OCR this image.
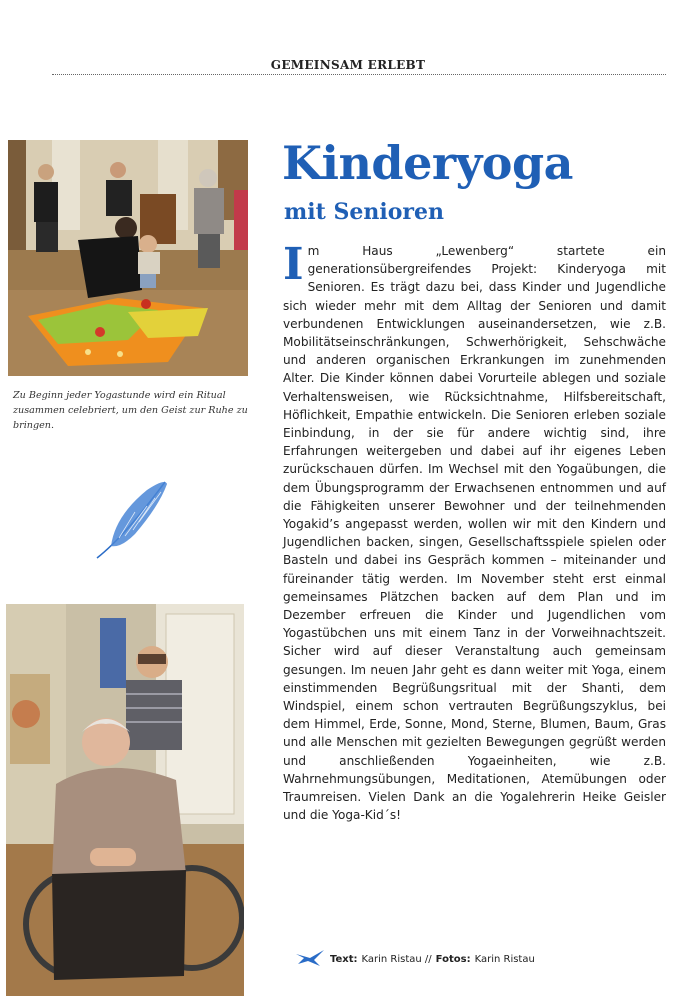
GEMEINSAM ERLEBT
Zu Beginn jeder Yogastunde wird ein Ritual zusammen celebriert, um den Geist zur Ruhe zu bringen.
Kinderyoga
mit Senioren
Im Haus „Lewenberg“ startete ein generationsübergreifendes Projekt: Kinderyoga mit Senioren. Es trägt dazu bei, dass Kinder und Jugendliche sich wieder mehr mit dem Alltag der Senioren und damit verbundenen Entwicklungen auseinandersetzen, wie z.B. Mobilitätseinschränkungen, Schwerhörigkeit, Sehschwäche und anderen organischen Erkrankungen im zunehmenden Alter. Die Kinder können dabei Vorurteile ablegen und soziale Verhaltensweisen, wie Rücksichtnahme, Hilfsbereitschaft, Höflichkeit, Empathie entwickeln. Die Senioren erleben soziale Einbindung, in der sie für andere wichtig sind, ihre Erfahrungen weitergeben und dabei auf ihr eigenes Leben zurückschauen dürfen. Im Wechsel mit den Yogaübungen, die dem Übungsprogramm der Erwachsenen entnommen und auf die Fähigkeiten unserer Bewohner und der teilnehmenden Yogakid’s angepasst werden, wollen wir mit den Kindern und Jugendlichen backen, singen, Gesellschaftsspiele spielen oder Basteln und dabei ins Gespräch kommen – miteinander und füreinander tätig werden. Im November steht erst einmal gemeinsames Plätzchen backen auf dem Plan und im Dezember erfreuen die Kinder und Jugendlichen vom Yogastübchen uns mit einem Tanz in der Vorweihnachtszeit. Sicher wird auf dieser Veranstaltung auch gemeinsam gesungen. Im neuen Jahr geht es dann weiter mit Yoga, einem einstimmenden Begrüßungsritual mit der Shanti, dem Windspiel, einem schon vertrauten Begrüßungszyklus, bei dem Himmel, Erde, Sonne, Mond, Sterne, Blumen, Baum, Gras und alle Menschen mit gezielten Bewegungen gegrüßt werden und anschließenden Yogaeinheiten, wie z.B. Wahrnehmungsübungen, Meditationen, Atemübungen oder Traumreisen. Vielen Dank an die Yogalehrerin Heike Geisler und die Yoga-Kid´s!
Text: Karin Ristau // Fotos: Karin Ristau
